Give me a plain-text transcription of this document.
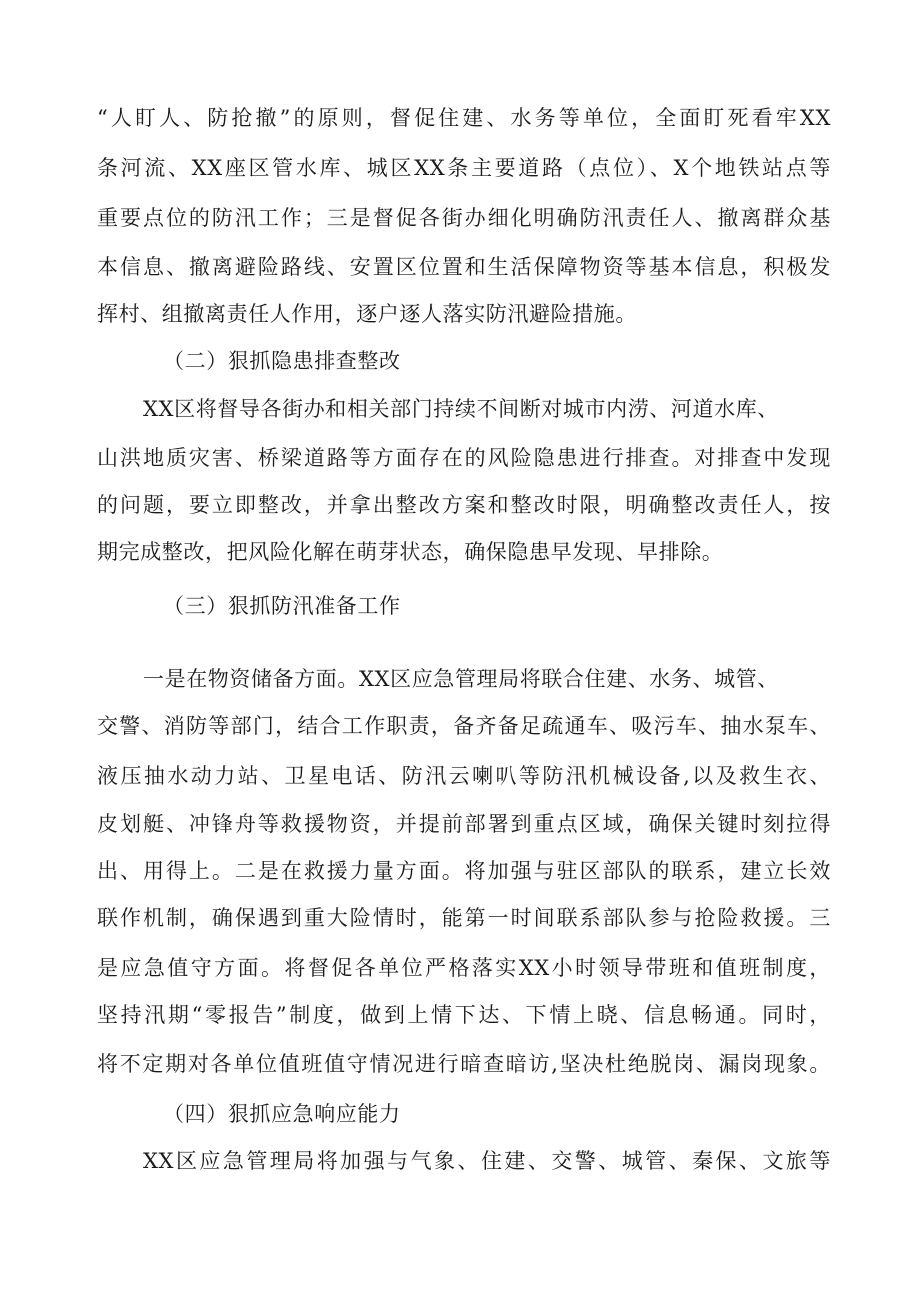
“人盯人、防抢撤”的原则，督促住建、水务等单位，全面盯死看牢XX
条河流、XX座区管水库、城区XX条主要道路（点位）、X个地铁站点等
重要点位的防汛工作；三是督促各街办细化明确防汛责任人、撤离群众基
本信息、撤离避险路线、安置区位置和生活保障物资等基本信息，积极发
挥村、组撤离责任人作用，逐户逐人落实防汛避险措施。
（二）狠抓隐患排查整改
XX区将督导各街办和相关部门持续不间断对城市内涝、河道水库、
山洪地质灾害、桥梁道路等方面存在的风险隐患进行排查。对排查中发现
的问题，要立即整改，并拿出整改方案和整改时限，明确整改责任人，按
期完成整改，把风险化解在萌芽状态，确保隐患早发现、早排除。
（三）狠抓防汛准备工作
一是在物资储备方面。XX区应急管理局将联合住建、水务、城管、
交警、消防等部门，结合工作职责，备齐备足疏通车、吸污车、抽水泵车、
液压抽水动力站、卫星电话、防汛云喇叭等防汛机械设备,以及救生衣、
皮划艇、冲锋舟等救援物资，并提前部署到重点区域，确保关键时刻拉得
出、用得上。二是在救援力量方面。将加强与驻区部队的联系，建立长效
联作机制，确保遇到重大险情时，能第一时间联系部队参与抢险救援。三
是应急值守方面。将督促各单位严格落实XX小时领导带班和值班制度，
坚持汛期“零报告”制度，做到上情下达、下情上晓、信息畅通。同时，
将不定期对各单位值班值守情况进行暗查暗访,坚决杜绝脱岗、漏岗现象。
（四）狠抓应急响应能力
XX区应急管理局将加强与气象、住建、交警、城管、秦保、文旅等
